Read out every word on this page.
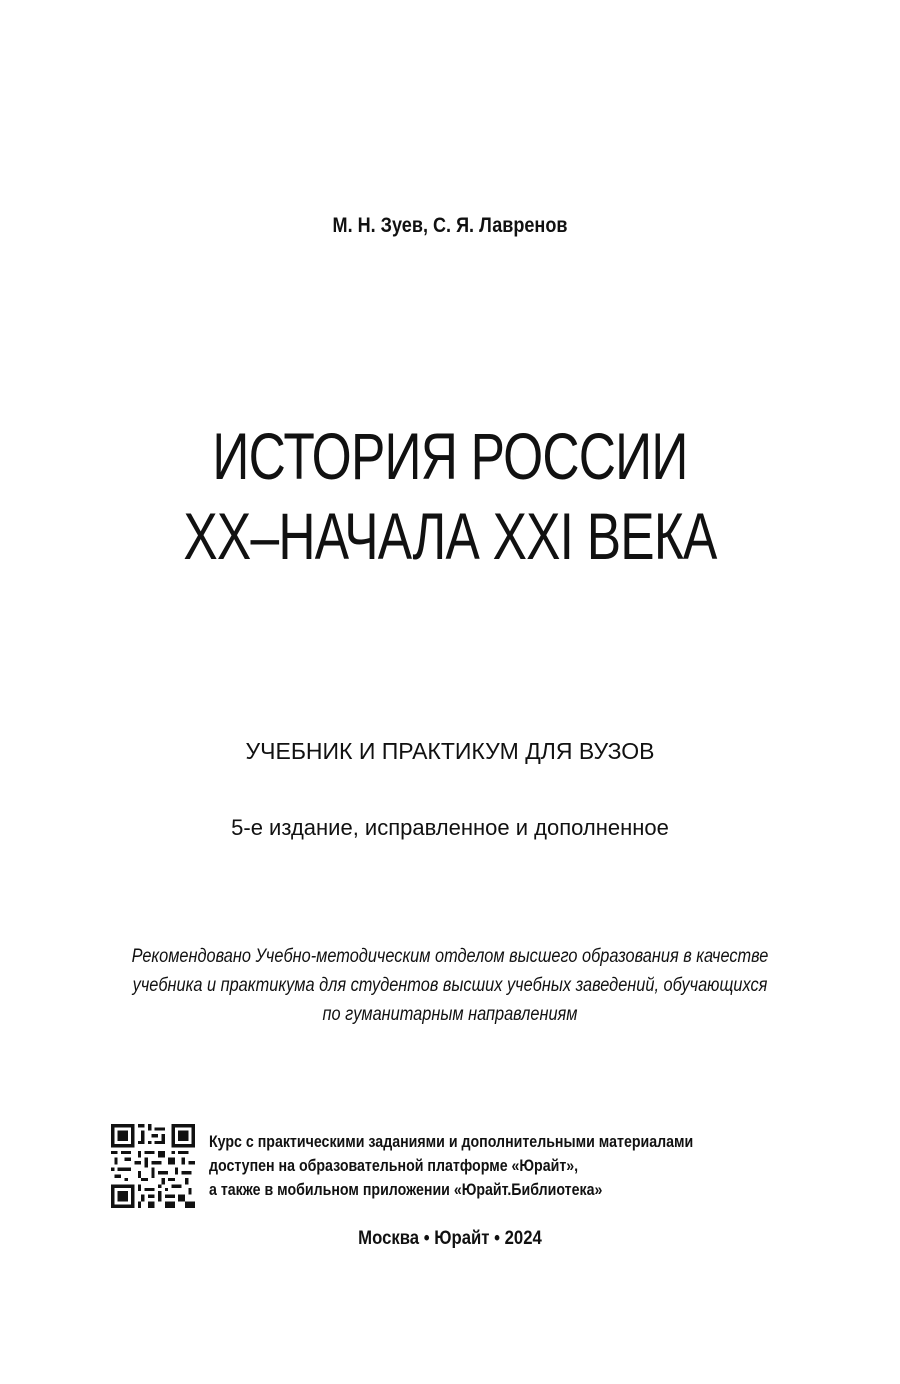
М. Н. Зуев, С. Я. Лавренов
ИСТОРИЯ РОССИИ
XX–НАЧАЛА XXI ВЕКА
УЧЕБНИК И ПРАКТИКУМ ДЛЯ ВУЗОВ
5-е издание, исправленное и дополненное
Рекомендовано Учебно-методическим отделом высшего образования в качестве
учебника и практикума для студентов высших учебных заведений, обучающихся
по гуманитарным направлениям
Курс с практическими заданиями и дополнительными материалами
доступен на образовательной платформе «Юрайт»,
а также в мобильном приложении «Юрайт.Библиотека»
Москва • Юрайт • 2024
